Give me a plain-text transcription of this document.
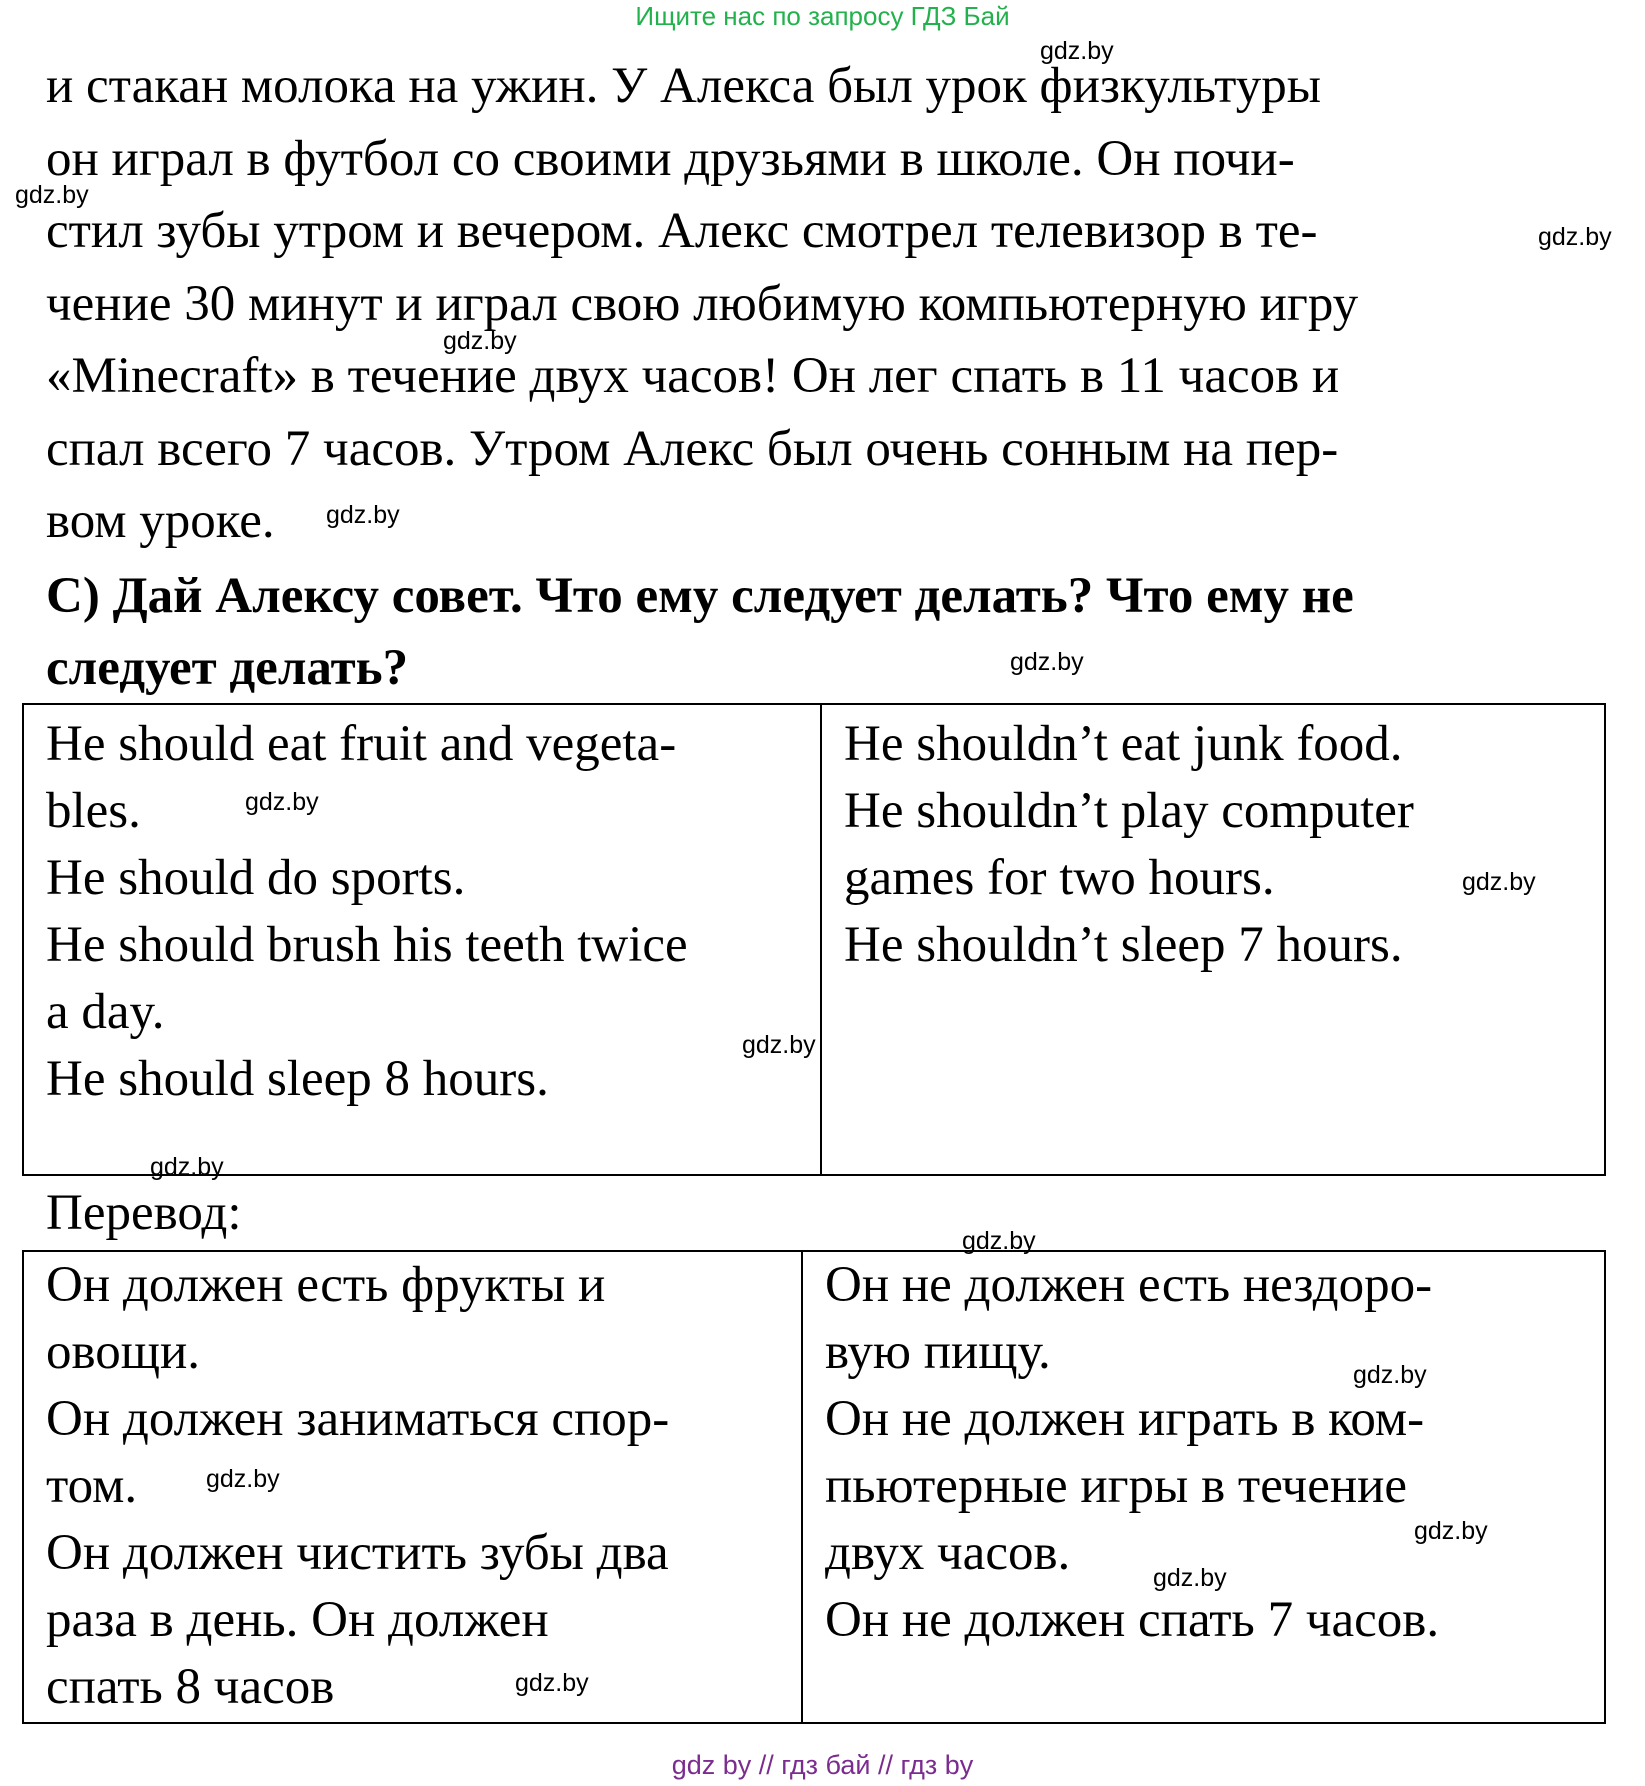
Ищите нас по запросу ГДЗ Бай
и стакан молока на ужин. У Алекса был урок физкультуры
он играл в футбол со своими друзьями в школе. Он почи-
стил зубы утром и вечером. Алекс смотрел телевизор в те-
чение 30 минут и играл свою любимую компьютерную игру
«Minecraft» в течение двух часов! Он лег спать в 11 часов и
спал всего 7 часов. Утром Алекс был очень сонным на пер-
вом уроке.
C) Дай Алексу совет. Что ему следует делать? Что ему не
следует делать?
He should eat fruit and vegeta-
bles.
He should do sports.
He should brush his teeth twice
a day.
He should sleep 8 hours.
He shouldn’t eat junk food.
He shouldn’t play computer
games for two hours.
He shouldn’t sleep 7 hours.
Перевод:
Он должен есть фрукты и
овощи.
Он должен заниматься спор-
том.
Он должен чистить зубы два
раза в день. Он должен
спать 8 часов
Он не должен есть нездоро-
вую пищу.
Он не должен играть в ком-
пьютерные игры в течение
двух часов.
Он не должен спать 7 часов.
gdz.by
gdz.by
gdz.by
gdz.by
gdz.by
gdz.by
gdz.by
gdz.by
gdz.by
gdz.by
gdz.by
gdz.by
gdz.by
gdz.by
gdz.by
gdz.by
gdz by // гдз бай // гдз by
